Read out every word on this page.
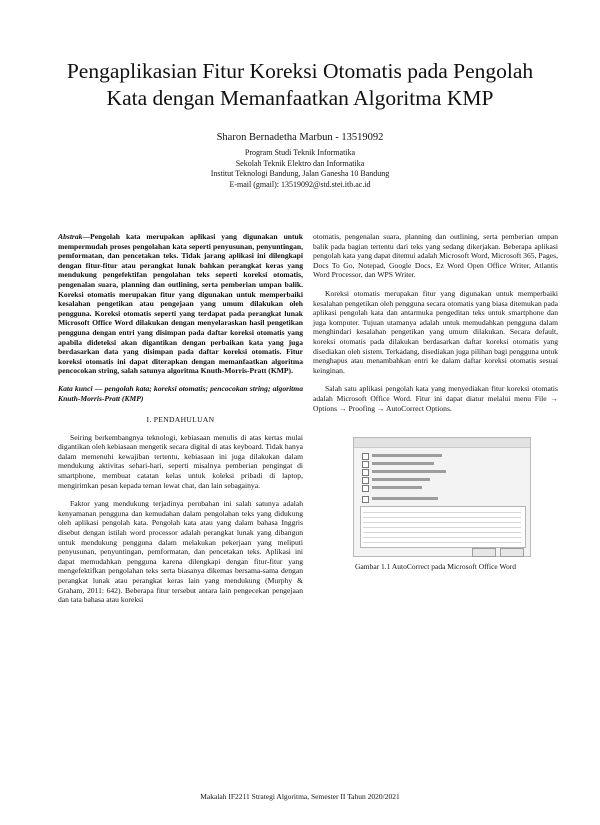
Pengaplikasian Fitur Koreksi Otomatis pada Pengolah
Kata dengan Memanfaatkan Algoritma KMP

Sharon Bernadetha Marbun - 13519092

Program Studi Teknik Informatika
Sekolah Teknik Elektro dan Informatika
Institut Teknologi Bandung, Jalan Ganesha 10 Bandung
E-mail (gmail): 13519092@std.stei.itb.ac.id

Abstrak—Pengolah kata merupakan aplikasi yang digunakan untuk mempermudah proses pengolahan kata seperti penyusunan, penyuntingan, pemformatan, dan pencetakan teks. Tidak jarang aplikasi ini dilengkapi dengan fitur-fitur atau perangkat lunak bahkan perangkat keras yang mendukung pengefektifan pengolahan teks seperti koreksi otomatis, pengenalan suara, planning dan outlining, serta pemberian umpan balik. Koreksi otomatis merupakan fitur yang digunakan untuk memperbaiki kesalahan pengetikan atau pengejaan yang umum dilakukan oleh pengguna. Koreksi otomatis seperti yang terdapat pada perangkat lunak Microsoft Office Word dilakukan dengan menyelaraskan hasil pengetikan pengguna dengan entri yang disimpan pada daftar koreksi otomatis yang apabila dideteksi akan digantikan dengan perbaikan kata yang juga berdasarkan data yang disimpan pada daftar koreksi otomatis. Fitur koreksi otomatis ini dapat diterapkan dengan memanfaatkan algoritma pencocokan string, salah satunya algoritma Knuth-Morris-Pratt (KMP).

Kata kunci — pengolah kata; koreksi otomatis; pencocokan string; algoritma Knuth-Morris-Pratt (KMP)

I. PENDAHULUAN

Seiring berkembangnya teknologi, kebiasaan menulis di atas kertas mulai digantikan oleh kebiasaan mengetik secara digital di atas keyboard. Tidak hanya dalam memenuhi kewajiban tertentu, kebiasaan ini juga dilakukan dalam mendukung aktivitas sehari-hari, seperti misalnya pemberian pengingat di smartphone, membuat catatan kelas untuk koleksi pribadi di laptop, mengirimkan pesan kepada teman lewat chat, dan lain sebagainya.

Faktor yang mendukung terjadinya perubahan ini salah satunya adalah kenyamanan pengguna dan kemudahan dalam pengolahan teks yang didukung oleh aplikasi pengolah kata. Pengolah kata atau yang dalam bahasa Inggris disebut dengan istilah word processor adalah perangkat lunak yang dibangun untuk mendukung pengguna dalam melakukan pekerjaan yang meliputi penyusunan, penyuntingan, pemformatan, dan pencetakan teks. Aplikasi ini dapat memudahkan pengguna karena dilengkapi dengan fitur-fitur yang mengefektifkan pengolahan teks serta biasanya dikemas bersama-sama dengan perangkat lunak atau perangkat keras lain yang mendukung (Murphy & Graham, 2011: 642). Beberapa fitur tersebut antara lain pengecekan pengejaan dan tata bahasa atau koreksi

otomatis, pengenalan suara, planning dan outlining, serta pemberian umpan balik pada bagian tertentu dari teks yang sedang dikerjakan. Beberapa aplikasi pengolah kata yang dapat ditemui adalah Microsoft Word, Microsoft 365, Pages, Docs To Go, Notepad, Google Docs, Ez Word Open Office Writer, Atlantis Word Processor, dan WPS Writer.

Koreksi otomatis merupakan fitur yang digunakan untuk memperbaiki kesalahan pengetikan oleh pengguna secara otomatis yang biasa ditemukan pada aplikasi pengolah kata dan antarmuka pengeditan teks untuk smartphone dan juga komputer. Tujuan utamanya adalah untuk memudahkan pengguna dalam menghindari kesalahan pengetikan yang umum dilakukan. Secara default, koreksi otomatis pada dilakukan berdasarkan daftar koreksi otomatis yang disediakan oleh sistem. Terkadang, disediakan juga pilihan bagi pengguna untuk menghapus atau menambahkan entri ke dalam daftar koreksi otomatis sesuai keinginan.

Salah satu aplikasi pengolah kata yang menyediakan fitur koreksi otomatis adalah Microsoft Office Word. Fitur ini dapat diatur melalui menu File → Options → Proofing → AutoCorrect Options.

Gambar 1.1 AutoCorrect pada Microsoft Office Word

Makalah IF2211 Strategi Algoritma, Semester II Tahun 2020/2021
